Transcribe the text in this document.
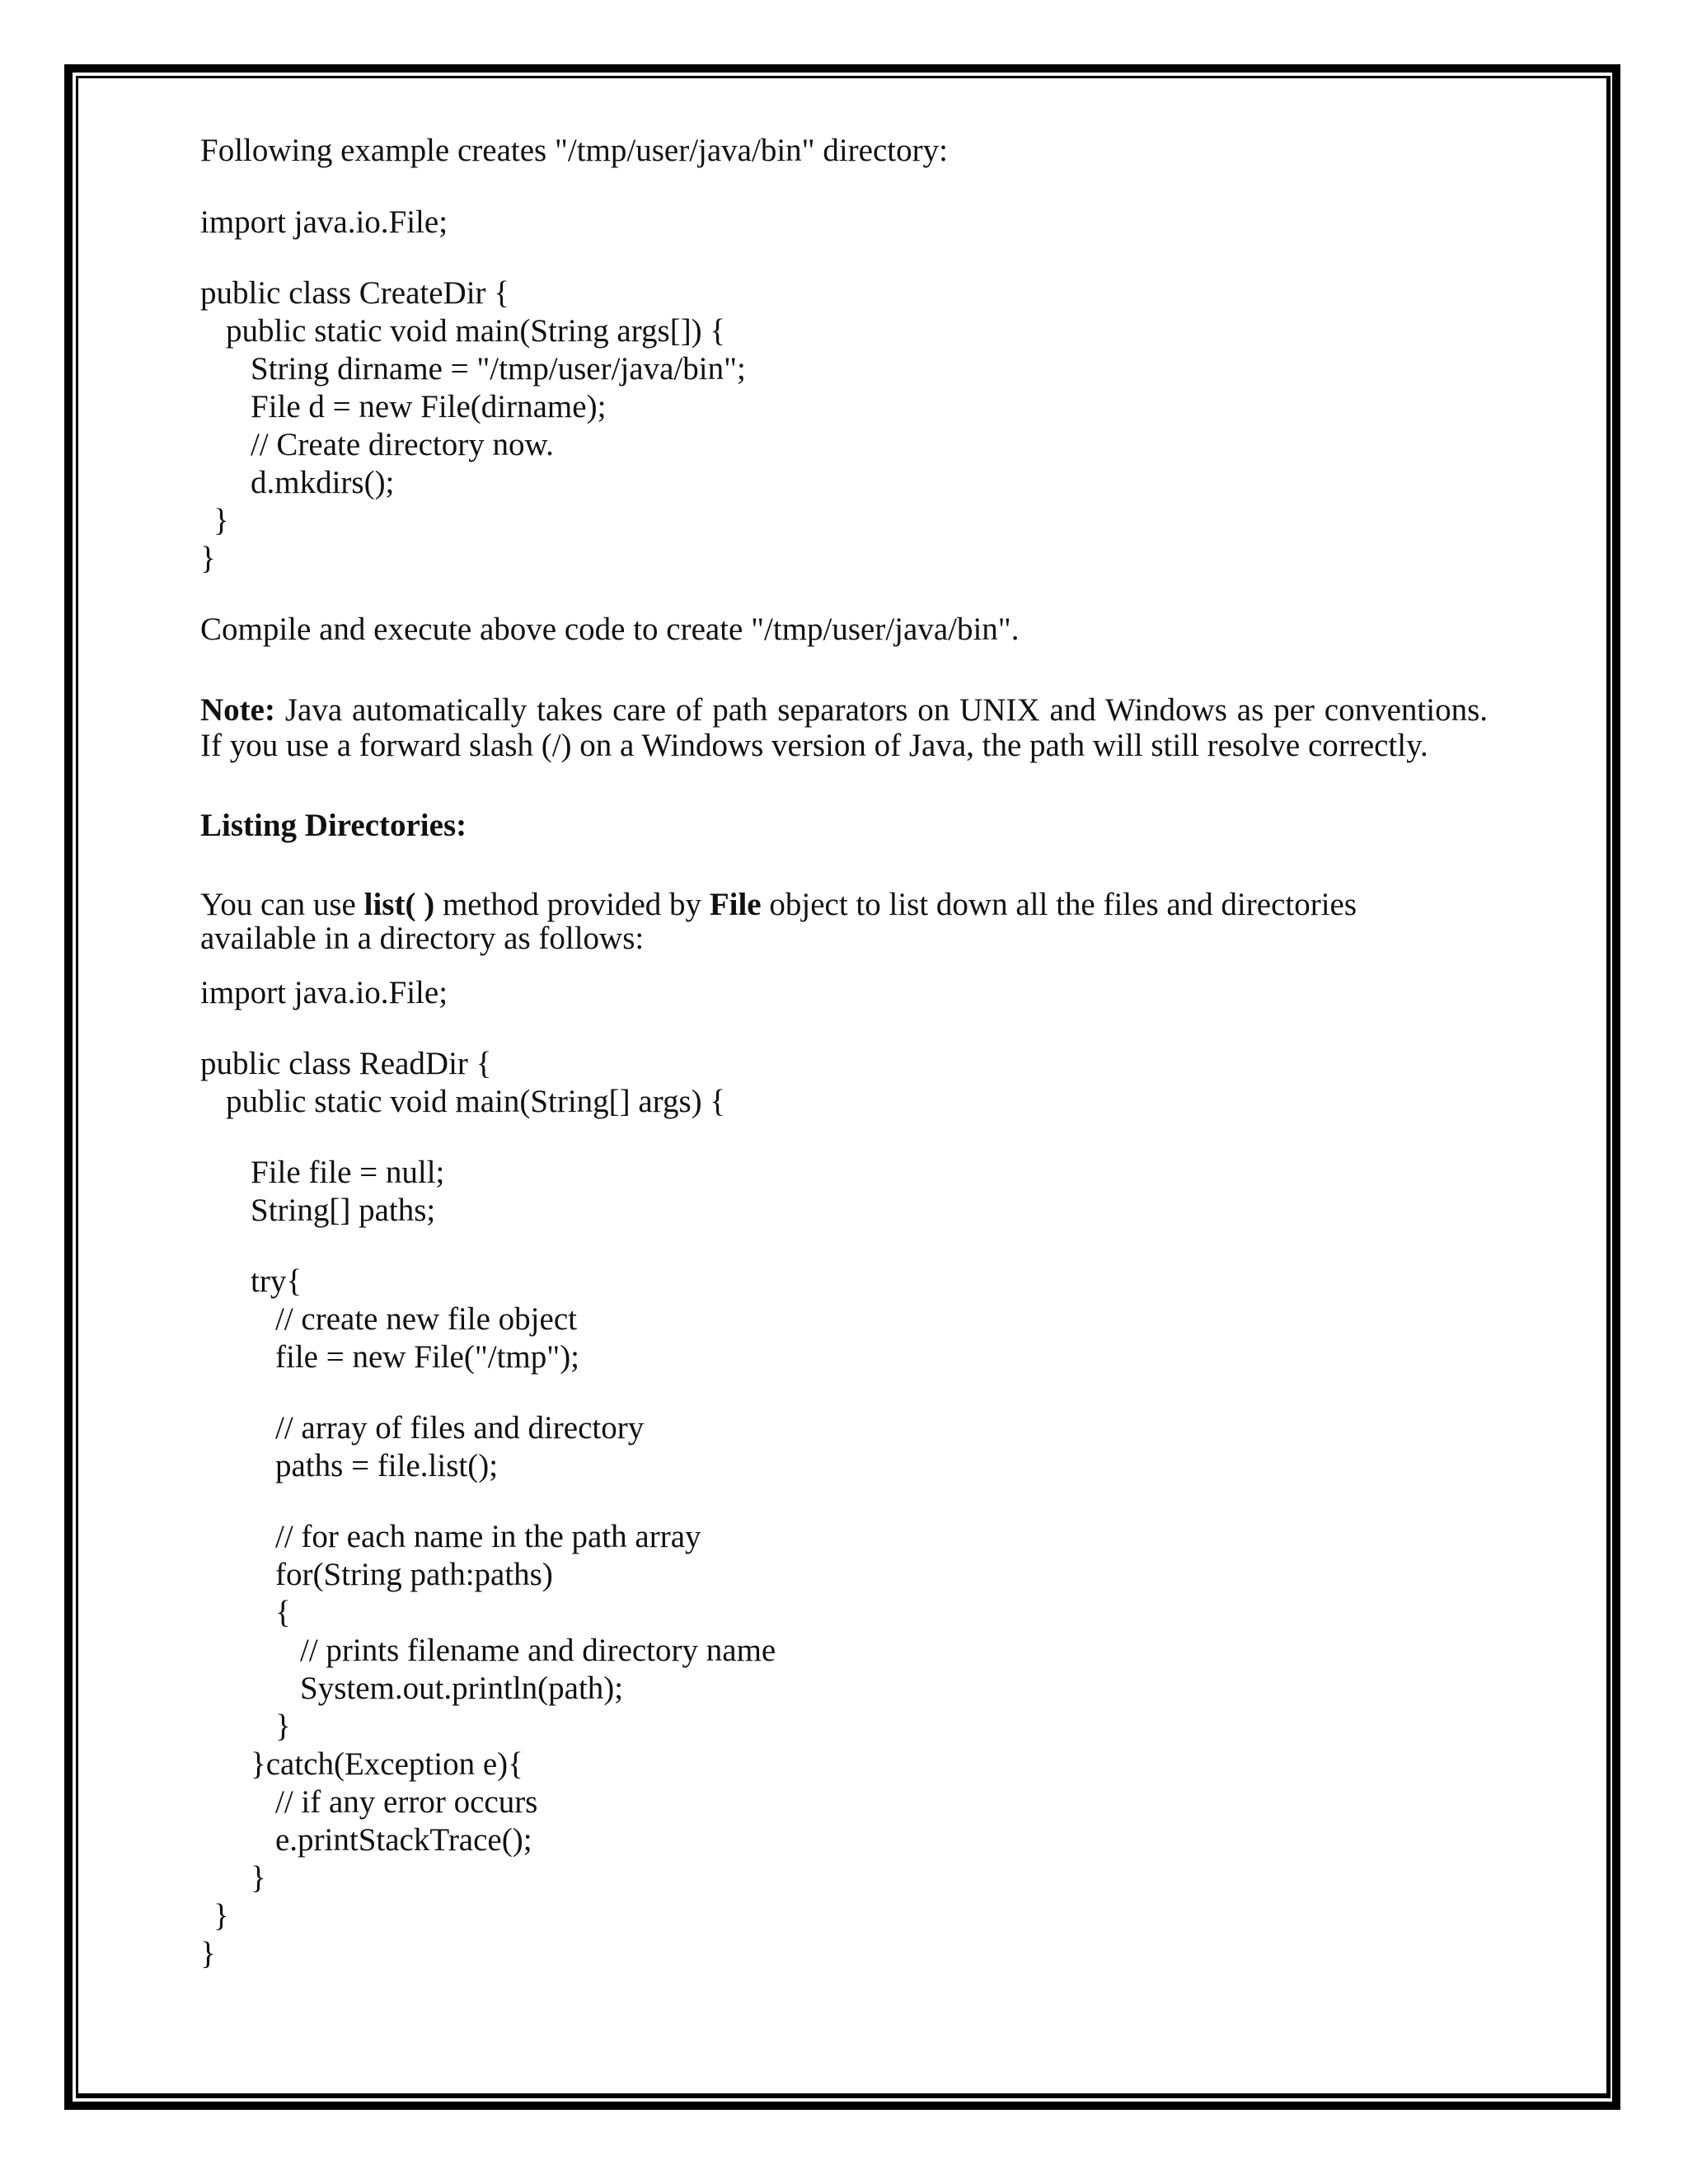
Following example creates "/tmp/user/java/bin" directory:

import java.io.File;

public class CreateDir {

public static void main(String args[]) {

String dirname = "/tmp/user/java/bin";

File d = new File(dirname);

// Create directory now.

d.mkdirs();

}

}

Compile and execute above code to create "/tmp/user/java/bin".

Note: Java automatically takes care of path separators on UNIX and Windows as per conventions. If you use a forward slash (/) on a Windows version of Java, the path will still resolve correctly.

Listing Directories:

You can use list( ) method provided by File object to list down all the files and directories

available in a directory as follows:

import java.io.File;

public class ReadDir {

public static void main(String[] args) {

File file = null;

String[] paths;

try{

// create new file object

file = new File("/tmp");

// array of files and directory

paths = file.list();

// for each name in the path array

for(String path:paths)

{

// prints filename and directory name

System.out.println(path);

}

}catch(Exception e){

// if any error occurs

e.printStackTrace();

}

}

}
